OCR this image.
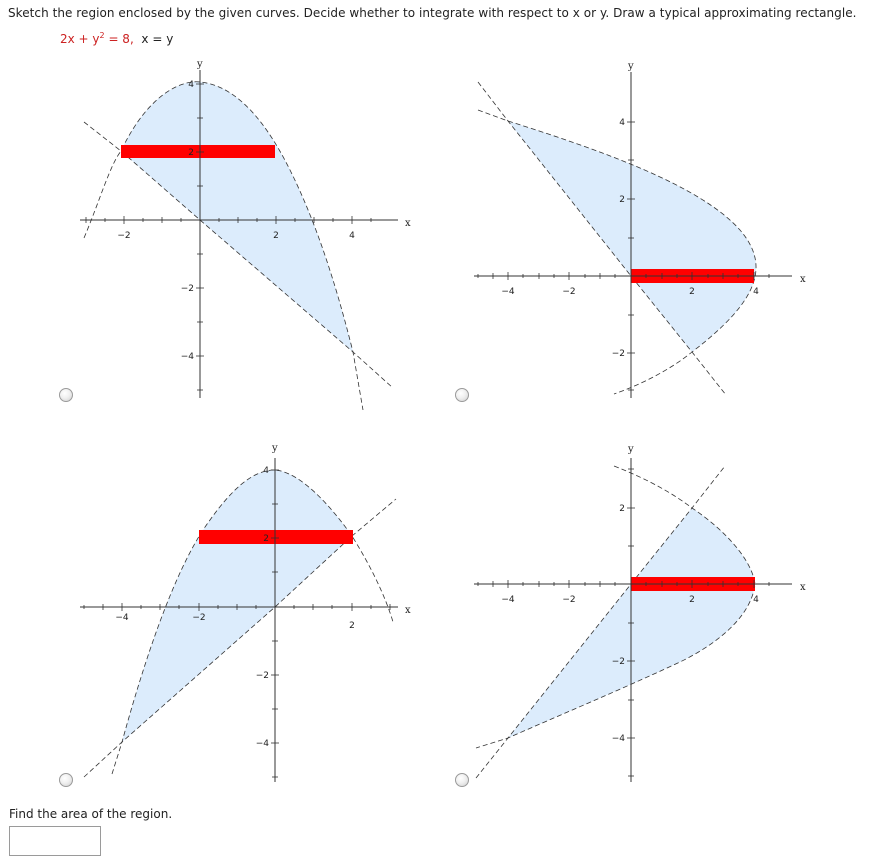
Sketch the region enclosed by the given curves. Decide whether to integrate with respect to x or y. Draw a typical approximating rectangle.
$2x + y^2 = 8$, x = y
−2	2	4
4
2
−2
−4
x
y
−4	−2	2	4
4
2
−2
x
y
−4	−2
2
4
2
−2
−4
x
y
−4	−2	2	4
2
−2
−4
x
y
Find the area of the region.
